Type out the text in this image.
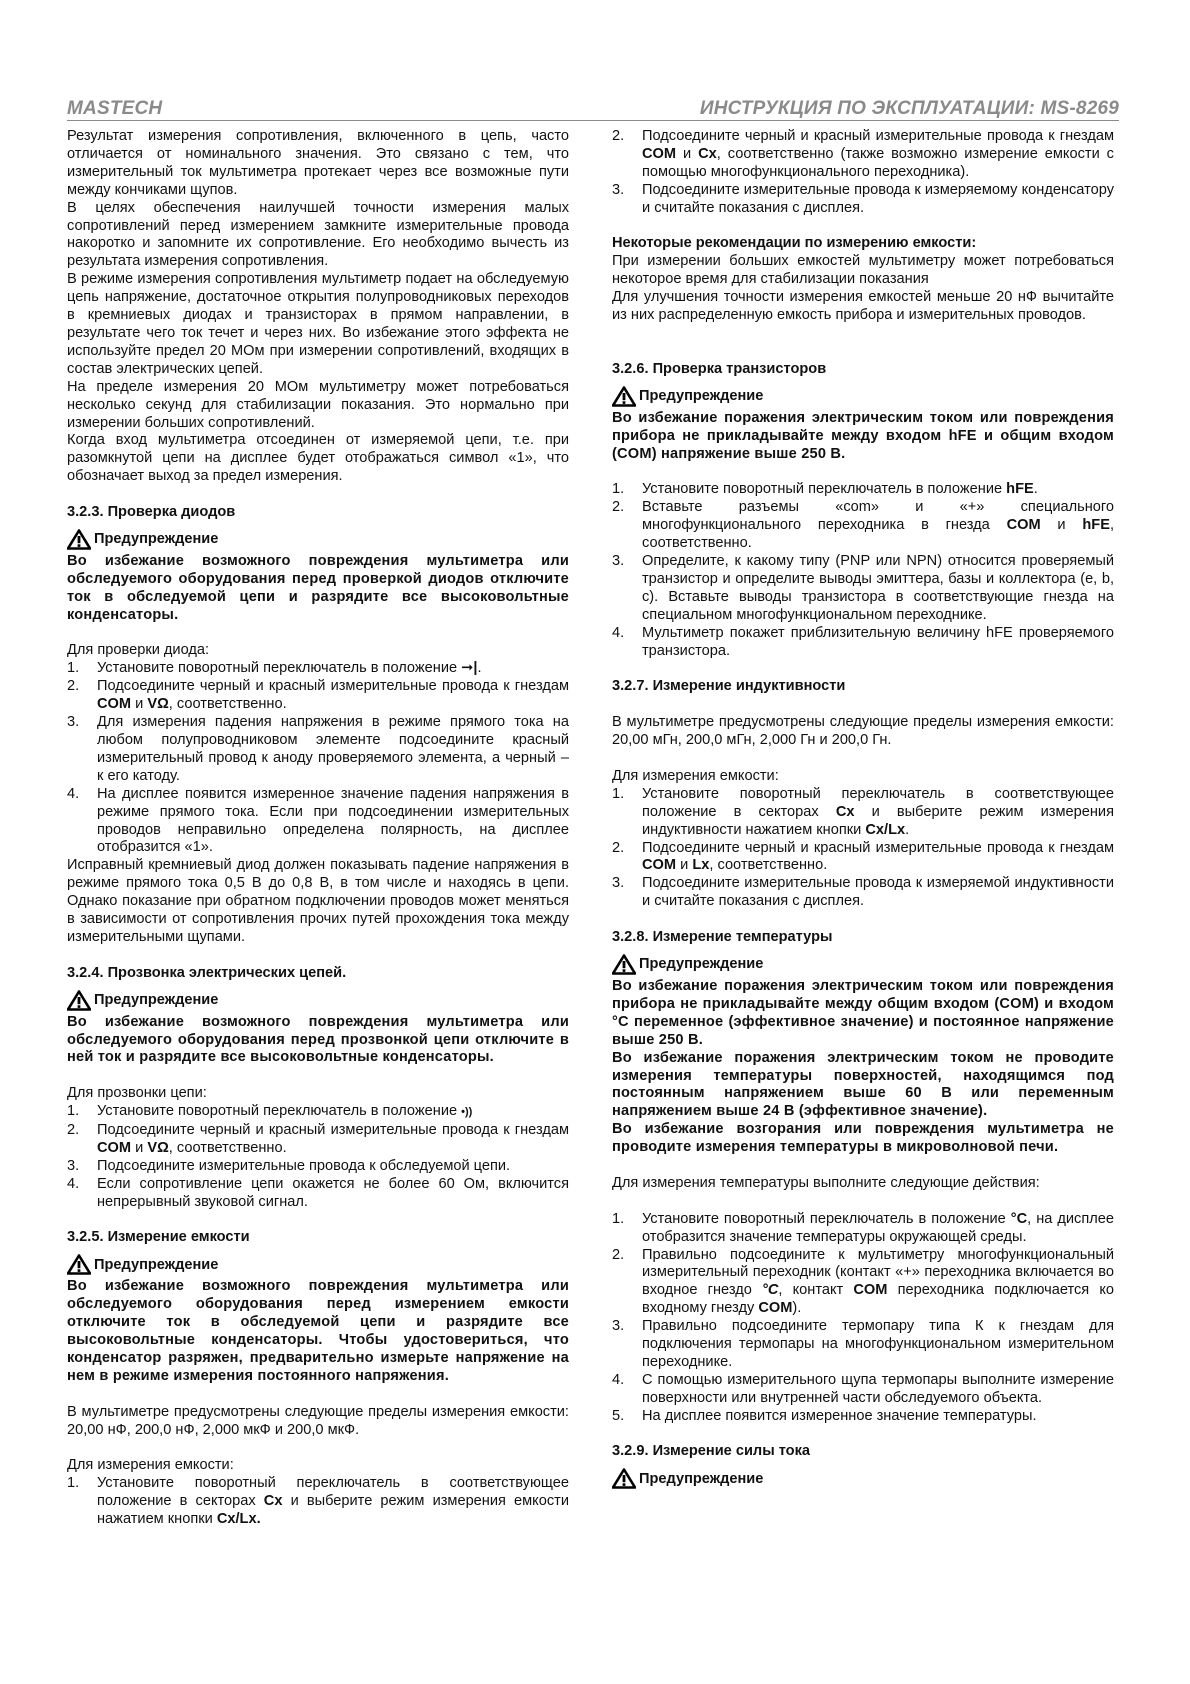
MASTECH	ИНСТРУКЦИЯ ПО ЭКСПЛУАТАЦИИ: MS-8269

Результат измерения сопротивления, включенного в цепь, часто отличается от номинального значения. Это связано с тем, что измерительный ток мультиметра протекает через все возможные пути между кончиками щупов.

В целях обеспечения наилучшей точности измерения малых сопротивлений перед измерением замкните измерительные провода накоротко и запомните их сопротивление. Его необходимо вычесть из результата измерения сопротивления.

В режиме измерения сопротивления мультиметр подает на обследуемую цепь напряжение, достаточное открытия полупроводниковых переходов в кремниевых диодах и транзисторах в прямом направлении, в результате чего ток течет и через них. Во избежание этого эффекта не используйте предел 20 МОм при измерении сопротивлений, входящих в состав электрических цепей.

На пределе измерения 20 МОм мультиметру может потребоваться несколько секунд для стабилизации показания. Это нормально при измерении больших сопротивлений.

Когда вход мультиметра отсоединен от измеряемой цепи, т.е. при разомкнутой цепи на дисплее будет отображаться символ «1», что обозначает выход за предел измерения.

3.2.3. Проверка диодов
Предупреждение

Во избежание возможного повреждения мультиметра или обследуемого оборудования перед проверкой диодов отключите ток в обследуемой цепи и разрядите все высоковольтные конденсаторы.

Для проверки диода:

1. Установите поворотный переключатель в положение ➞|.
2. Подсоедините черный и красный измерительные провода к гнездам COM и VΩ, соответственно.
3. Для измерения падения напряжения в режиме прямого тока на любом полупроводниковом элементе подсоедините красный измерительный провод к аноду проверяемого элемента, а черный – к его катоду.
4. На дисплее появится измеренное значение падения напряжения в режиме прямого тока. Если при подсоединении измерительных проводов неправильно определена полярность, на дисплее отобразится «1».

Исправный кремниевый диод должен показывать падение напряжения в режиме прямого тока 0,5 В до 0,8 В, в том числе и находясь в цепи. Однако показание при обратном подключении проводов может меняться в зависимости от сопротивления прочих путей прохождения тока между измерительными щупами.

3.2.4. Прозвонка электрических цепей.
Предупреждение

Во избежание возможного повреждения мультиметра или обследуемого оборудования перед прозвонкой цепи отключите в ней ток и разрядите все высоковольтные конденсаторы.

Для прозвонки цепи:

1. Установите поворотный переключатель в положение •))
2. Подсоедините черный и красный измерительные провода к гнездам COM и VΩ, соответственно.
3. Подсоедините измерительные провода к обследуемой цепи.
4. Если сопротивление цепи окажется не более 60 Ом, включится непрерывный звуковой сигнал.
3.2.5. Измерение емкости
Предупреждение

Во избежание возможного повреждения мультиметра или обследуемого оборудования перед измерением емкости отключите ток в обследуемой цепи и разрядите все высоковольтные конденсаторы. Чтобы удостовериться, что конденсатор разряжен, предварительно измерьте напряжение на нем в режиме измерения постоянного напряжения.

В мультиметре предусмотрены следующие пределы измерения емкости: 20,00 нФ, 200,0 нФ, 2,000 мкФ и 200,0 мкФ.

Для измерения емкости:

1. Установите поворотный переключатель в соответствующее положение в секторах Cx и выберите режим измерения емкости нажатием кнопки Cx/Lx.
2. Подсоедините черный и красный измерительные провода к гнездам COM и Cx, соответственно (также возможно измерение емкости с помощью многофункционального переходника).
3. Подсоедините измерительные провода к измеряемому конденсатору и считайте показания с дисплея.
Некоторые рекомендации по измерению емкости:

При измерении больших емкостей мультиметру может потребоваться некоторое время для стабилизации показания

Для улучшения точности измерения емкостей меньше 20 нФ вычитайте из них распределенную емкость прибора и измерительных проводов.

3.2.6. Проверка транзисторов
Предупреждение

Во избежание поражения электрическим током или повреждения прибора не прикладывайте между входом hFE и общим входом (COM) напряжение выше 250 В.

1. Установите поворотный переключатель в положение hFE.
2. Вставьте разъемы «com» и «+» специального многофункционального переходника в гнезда COM и hFE, соответственно.
3. Определите, к какому типу (PNP или NPN) относится проверяемый транзистор и определите выводы эмиттера, базы и коллектора (e, b, c). Вставьте выводы транзистора в соответствующие гнезда на специальном многофункциональном переходнике.
4. Мультиметр покажет приблизительную величину hFE проверяемого транзистора.
3.2.7. Измерение индуктивности

В мультиметре предусмотрены следующие пределы измерения емкости: 20,00 мГн, 200,0 мГн, 2,000 Гн и 200,0 Гн.

Для измерения емкости:

1. Установите поворотный переключатель в соответствующее положение в секторах Cx и выберите режим измерения индуктивности нажатием кнопки Cx/Lx.
2. Подсоедините черный и красный измерительные провода к гнездам COM и Lx, соответственно.
3. Подсоедините измерительные провода к измеряемой индуктивности и считайте показания с дисплея.
3.2.8. Измерение температуры
Предупреждение

Во избежание поражения электрическим током или повреждения прибора не прикладывайте между общим входом (COM) и входом °C переменное (эффективное значение) и постоянное напряжение выше 250 В.

Во избежание поражения электрическим током не проводите измерения температуры поверхностей, находящимся под постоянным напряжением выше 60 В или переменным напряжением выше 24 В (эффективное значение).

Во избежание возгорания или повреждения мультиметра не проводите измерения температуры в микроволновой печи.

Для измерения температуры выполните следующие действия:

1. Установите поворотный переключатель в положение °C, на дисплее отобразится значение температуры окружающей среды.
2. Правильно подсоедините к мультиметру многофункциональный измерительный переходник (контакт «+» переходника включается во входное гнездо °C, контакт COM переходника подключается ко входному гнезду COM).
3. Правильно подсоедините термопару типа К к гнездам для подключения термопары на многофункциональном измерительном переходнике.
4. С помощью измерительного щупа термопары выполните измерение поверхности или внутренней части обследуемого объекта.
5. На дисплее появится измеренное значение температуры.
3.2.9. Измерение силы тока
Предупреждение
